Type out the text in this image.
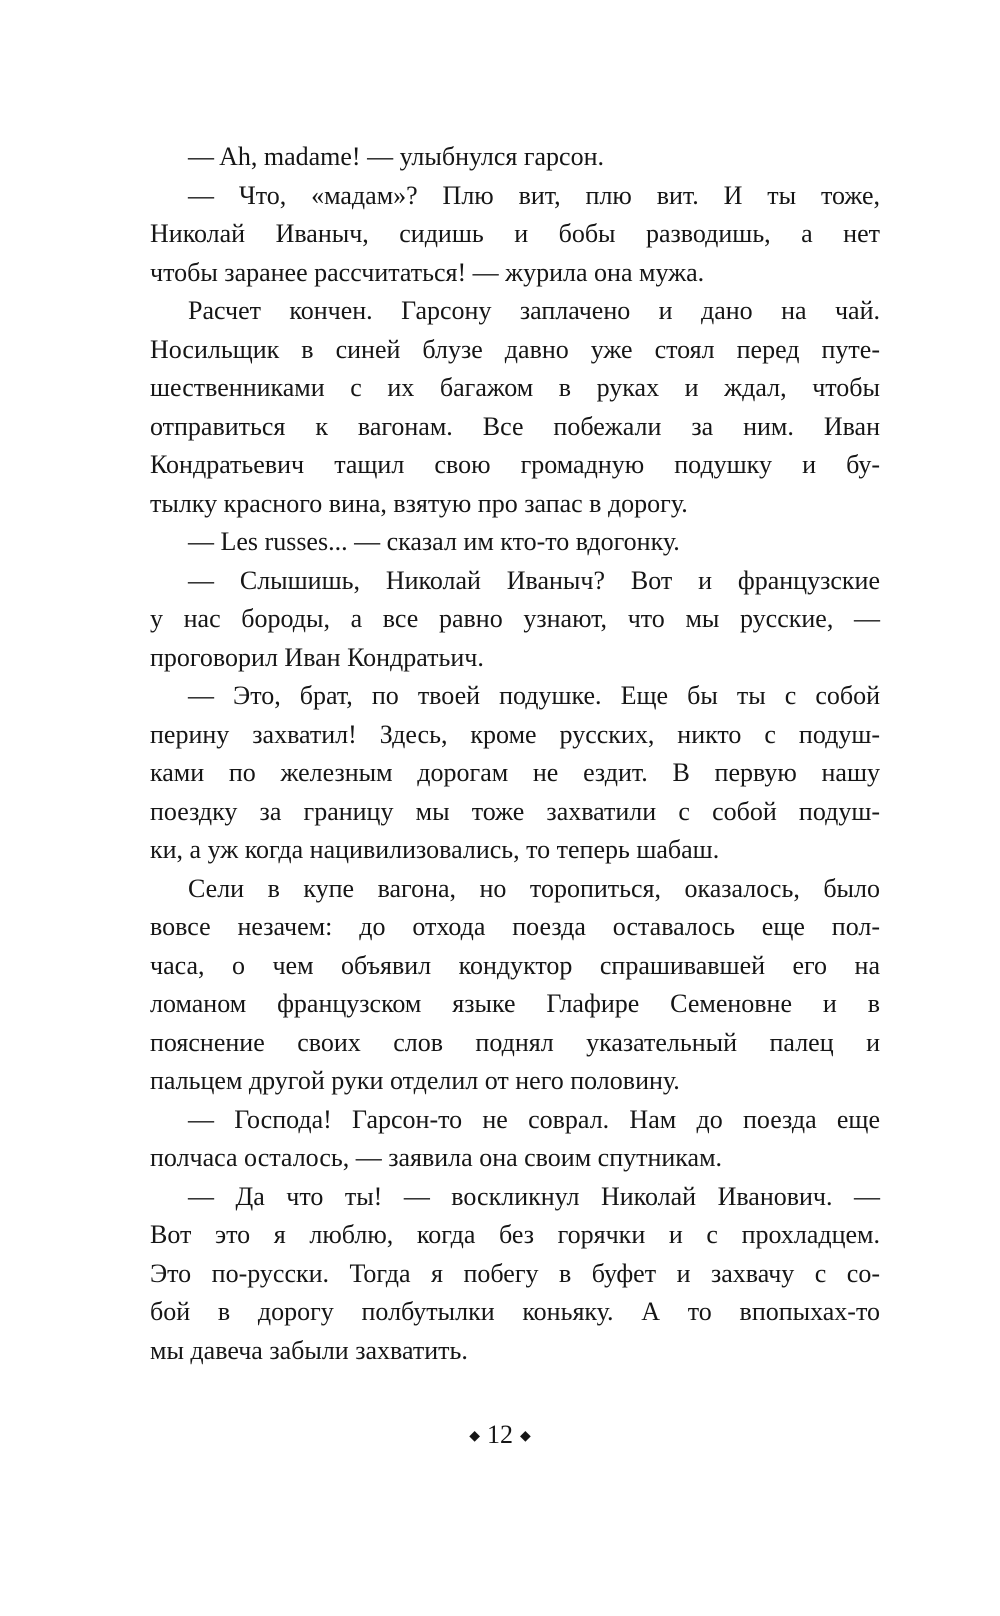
— Ah, madame! — улыбнулся гарсон.

— Что, «мадам»? Плю вит, плю вит. И ты тоже,
Николай Иваныч, сидишь и бобы разводишь, а нет
чтобы заранее рассчитаться! — журила она мужа.

Расчет кончен. Гарсону заплачено и дано на чай.
Носильщик в синей блузе давно уже стоял перед путе-
шественниками с их багажом в руках и ждал, чтобы
отправиться к вагонам. Все побежали за ним. Иван
Кондратьевич тащил свою громадную подушку и бу-
тылку красного вина, взятую про запас в дорогу.

— Les russes... — сказал им кто-то вдогонку.

— Слышишь, Николай Иваныч? Вот и французские
у нас бороды, а все равно узнают, что мы русские, —
проговорил Иван Кондратьич.

— Это, брат, по твоей подушке. Еще бы ты с собой
перину захватил! Здесь, кроме русских, никто с подуш-
ками по железным дорогам не ездит. В первую нашу
поездку за границу мы тоже захватили с собой подуш-
ки, а уж когда нацивилизовались, то теперь шабаш.

Сели в купе вагона, но торопиться, оказалось, было
вовсе незачем: до отхода поезда оставалось еще пол-
часа, о чем объявил кондуктор спрашивавшей его на
ломаном французском языке Глафире Семеновне и в
пояснение своих слов поднял указательный палец и
пальцем другой руки отделил от него половину.

— Господа! Гарсон-то не соврал. Нам до поезда еще
полчаса осталось, — заявила она своим спутникам.

— Да что ты! — воскликнул Николай Иванович. —
Вот это я люблю, когда без горячки и с прохладцем.
Это по-русски. Тогда я побегу в буфет и захвачу с со-
бой в дорогу полбутылки коньяку. А то впопыхах-то
мы давеча забыли захватить.

◆ 12 ◆
